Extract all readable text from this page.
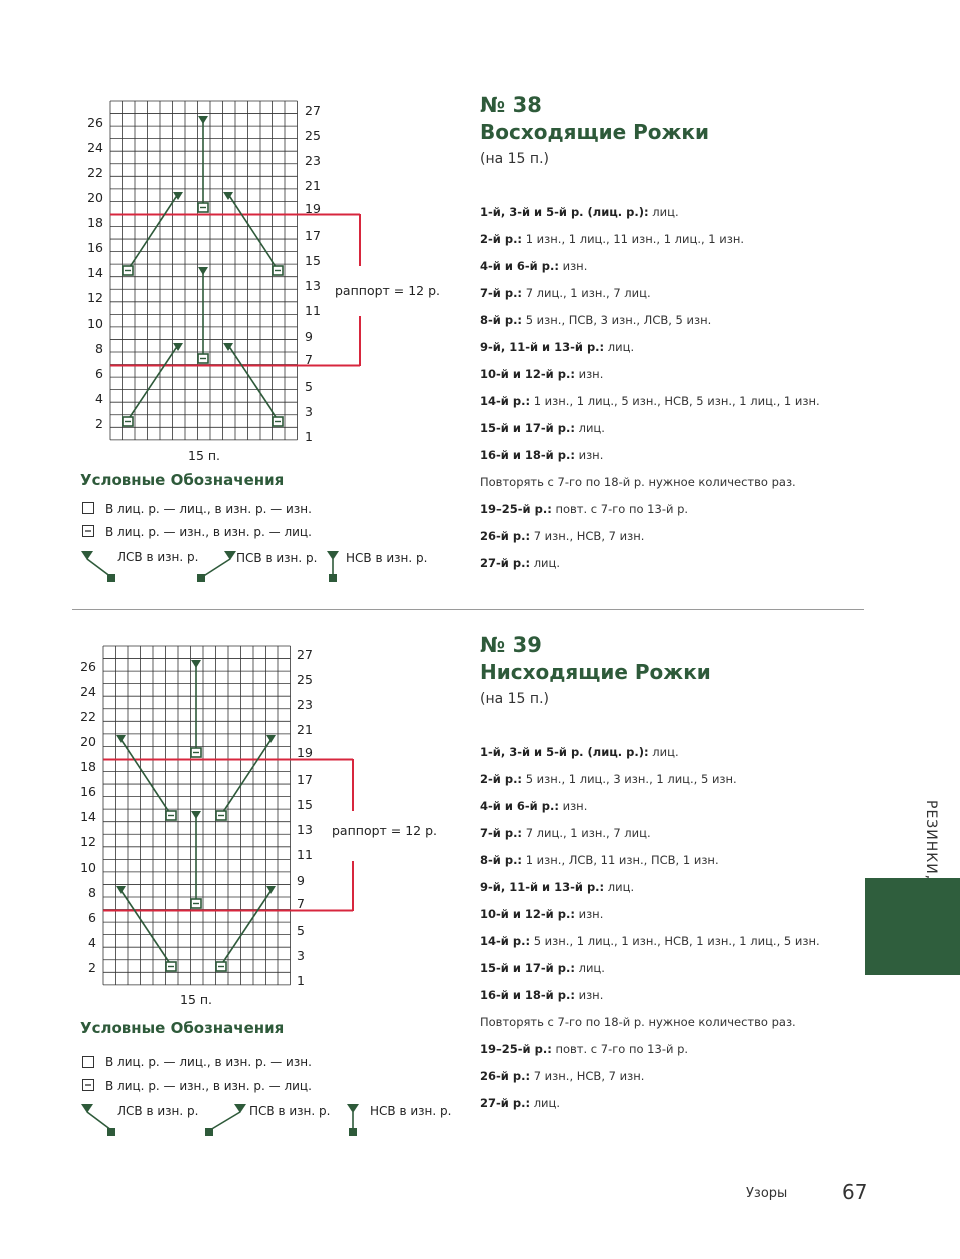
№ 38
Восходящие Рожки
(на 15 п.)
1-й, 3-й и 5-й р. (лиц. р.): лиц.
2-й р.: 1 изн., 1 лиц., 11 изн., 1 лиц., 1 изн.
4-й и 6-й р.: изн.
7-й р.: 7 лиц., 1 изн., 7 лиц.
8-й р.: 5 изн., ПСВ, 3 изн., ЛСВ, 5 изн.
9-й, 11-й и 13-й р.: лиц.
10-й и 12-й р.: изн.
14-й р.: 1 изн., 1 лиц., 5 изн., НСВ, 5 изн., 1 лиц., 1 изн.
15-й и 17-й р.: лиц.
16-й и 18-й р.: изн.
Повторять с 7-го по 18-й р. нужное количество раз.
19–25-й р.: повт. с 7-го по 13-й р.
26-й р.: 7 изн., НСВ, 7 изн.
27-й р.: лиц.
26
24
22
20
18
16
14
12
10
8
6
4
2
27
25
23
21
19
17
15
13
11
9
7
5
3
1
15 п.
раппорт = 12 р.
Условные Обозначения
В лиц. р. — лиц., в изн. р. — изн.
В лиц. р. — изн., в изн. р. — лиц.
ЛСВ в изн. р.	ПСВ в изн. р. НСВ в изн. р.
№ 39
Нисходящие Рожки
(на 15 п.)
1-й, 3-й и 5-й р. (лиц. р.): лиц.
2-й р.: 5 изн., 1 лиц., 3 изн., 1 лиц., 5 изн.
4-й и 6-й р.: изн.
7-й р.: 7 лиц., 1 изн., 7 лиц.
8-й р.: 1 изн., ЛСВ, 11 изн., ПСВ, 1 изн.
9-й, 11-й и 13-й р.: лиц.
10-й и 12-й р.: изн.
14-й р.: 5 изн., 1 лиц., 1 изн., НСВ, 1 изн., 1 лиц., 5 изн.
15-й и 17-й р.: лиц.
16-й и 18-й р.: изн.
Повторять с 7-го по 18-й р. нужное количество раз.
19–25-й р.: повт. с 7-го по 13-й р.
26-й р.: 7 изн., НСВ, 7 изн.
27-й р.: лиц.
26
24
22
20
18
16
14
12
10
8
6
4
2
27
25
23
21
19
17
15
13
11
9
7
5
3
1
15 п.
раппорт = 12 р.
Условные Обозначения
В лиц. р. — лиц., в изн. р. — изн.
В лиц. р. — изн., в изн. р. — лиц.
ЛСВ в изн. р.	ПСВ в изн. р.	НСВ в изн. р.
РЕЗИНКИ, ВОЛНЫ И
Узоры	67
